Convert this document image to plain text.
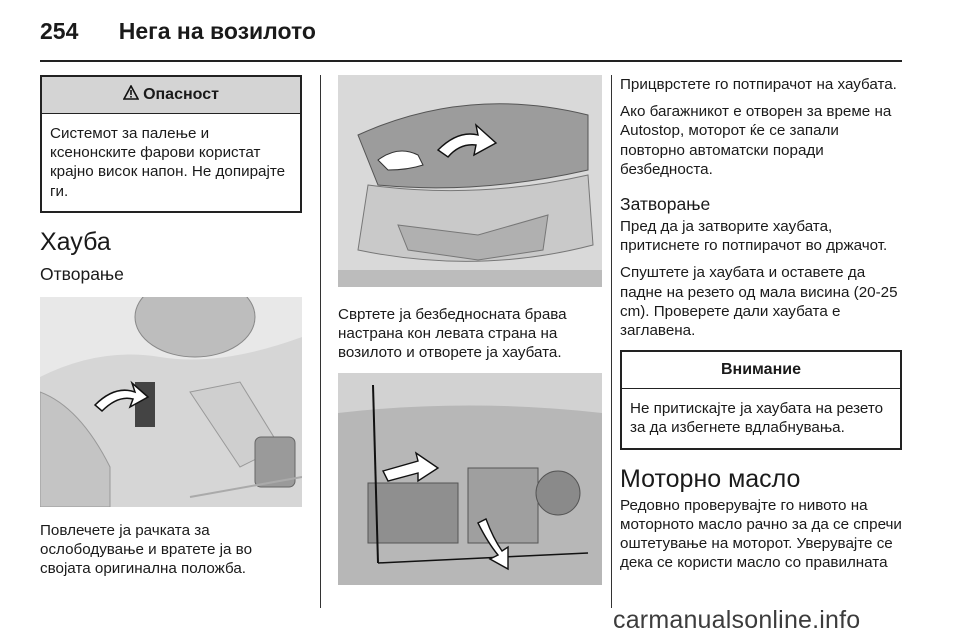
254 Нега на возилото
Опасност

Системот за палење и ксенонските фарови користат крајно висок напон. Не допирајте ги.

Хауба
Отворање

Повлечете ја рачката за ослободување и вратете ја во својата оригинална положба.

Свртете ја безбедносната брава настрана кон левата страна на возилото и отворете ја хаубата.

Прицврстете го потпирачот на хаубата.

Ако багажникот е отворен за време на Autostop, моторот ќе се запали повторно автоматски поради безбедноста.

Затворање

Пред да ја затворите хаубата, притиснете го потпирачот во држачот.

Спуштете ја хаубата и оставете да падне на резето од мала висина (20-25 cm). Проверете дали хаубата е заглавена.

Внимание

Не притискајте ја хаубата на резето за да избегнете вдлабнувања.

Моторно масло

Редовно проверувајте го нивото на моторното масло рачно за да се спречи оштетување на моторот. Уверувајте се дека се користи масло со правилната

carmanualsonline.info
